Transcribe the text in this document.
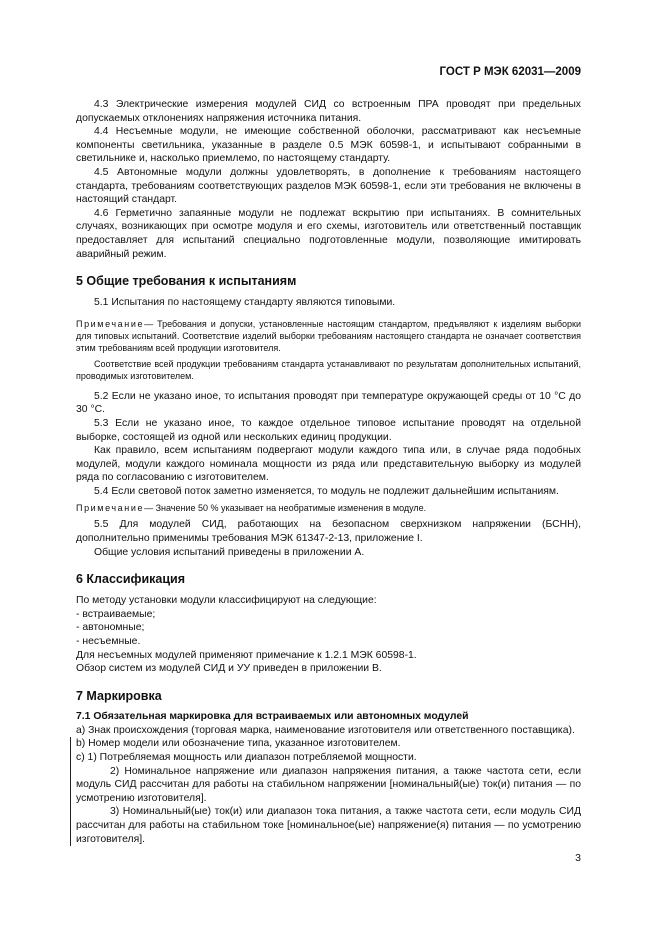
ГОСТ Р МЭК 62031—2009

4.3 Электрические измерения модулей СИД со встроенным ПРА проводят при предельных допускаемых отклонениях напряжения источника питания.

4.4 Несъемные модули, не имеющие собственной оболочки, рассматривают как несъемные компоненты светильника, указанные в разделе 0.5 МЭК 60598-1, и испытывают собранными в светильнике и, насколько приемлемо, по настоящему стандарту.

4.5 Автономные модули должны удовлетворять, в дополнение к требованиям настоящего стандарта, требованиям соответствующих разделов МЭК 60598-1, если эти требования не включены в настоящий стандарт.

4.6 Герметично запаянные модули не подлежат вскрытию при испытаниях. В сомнительных случаях, возникающих при осмотре модуля и его схемы, изготовитель или ответственный поставщик предоставляет для испытаний специально подготовленные модули, позволяющие имитировать аварийный режим.

5 Общие требования к испытаниям

5.1 Испытания по настоящему стандарту являются типовыми.

Примечание— Требования и допуски, установленные настоящим стандартом, предъявляют к изделиям выборки для типовых испытаний. Соответствие изделий выборки требованиям настоящего стандарта не означает соответствия этим требованиям всей продукции изготовителя.

Соответствие всей продукции требованиям стандарта устанавливают по результатам дополнительных испытаний, проводимых изготовителем.

5.2 Если не указано иное, то испытания проводят при температуре окружающей среды от 10 °С до 30 °С.

5.3 Если не указано иное, то каждое отдельное типовое испытание проводят на отдельной выборке, состоящей из одной или нескольких единиц продукции.

Как правило, всем испытаниям подвергают модули каждого типа или, в случае ряда подобных модулей, модули каждого номинала мощности из ряда или представительную выборку из модулей ряда по согласованию с изготовителем.

5.4 Если световой поток заметно изменяется, то модуль не подлежит дальнейшим испытаниям.

Примечание— Значение 50 % указывает на необратимые изменения в модуле.

5.5 Для модулей СИД, работающих на безопасном сверхнизком напряжении (БСНН), дополнительно применимы требования МЭК 61347-2-13, приложение I.

Общие условия испытаний приведены в приложении А.

6 Классификация

По методу установки модули классифицируют на следующие:

- встраиваемые;

- автономные;

- несъемные.

Для несъемных модулей применяют примечание к 1.2.1 МЭК 60598-1.

Обзор систем из модулей СИД и УУ приведен в приложении В.

7 Маркировка
7.1 Обязательная маркировка для встраиваемых или автономных модулей

a) Знак происхождения (торговая марка, наименование изготовителя или ответственного поставщика).

b) Номер модели или обозначение типа, указанное изготовителем.

c) 1) Потребляемая мощность или диапазон потребляемой мощности.

2) Номинальное напряжение или диапазон напряжения питания, а также частота сети, если модуль СИД рассчитан для работы на стабильном напряжении [номинальный(ые) ток(и) питания — по усмотрению изготовителя].

3) Номинальный(ые) ток(и) или диапазон тока питания, а также частота сети, если модуль СИД рассчитан для работы на стабильном токе [номинальное(ые) напряжение(я) питания — по усмотрению изготовителя].

3
